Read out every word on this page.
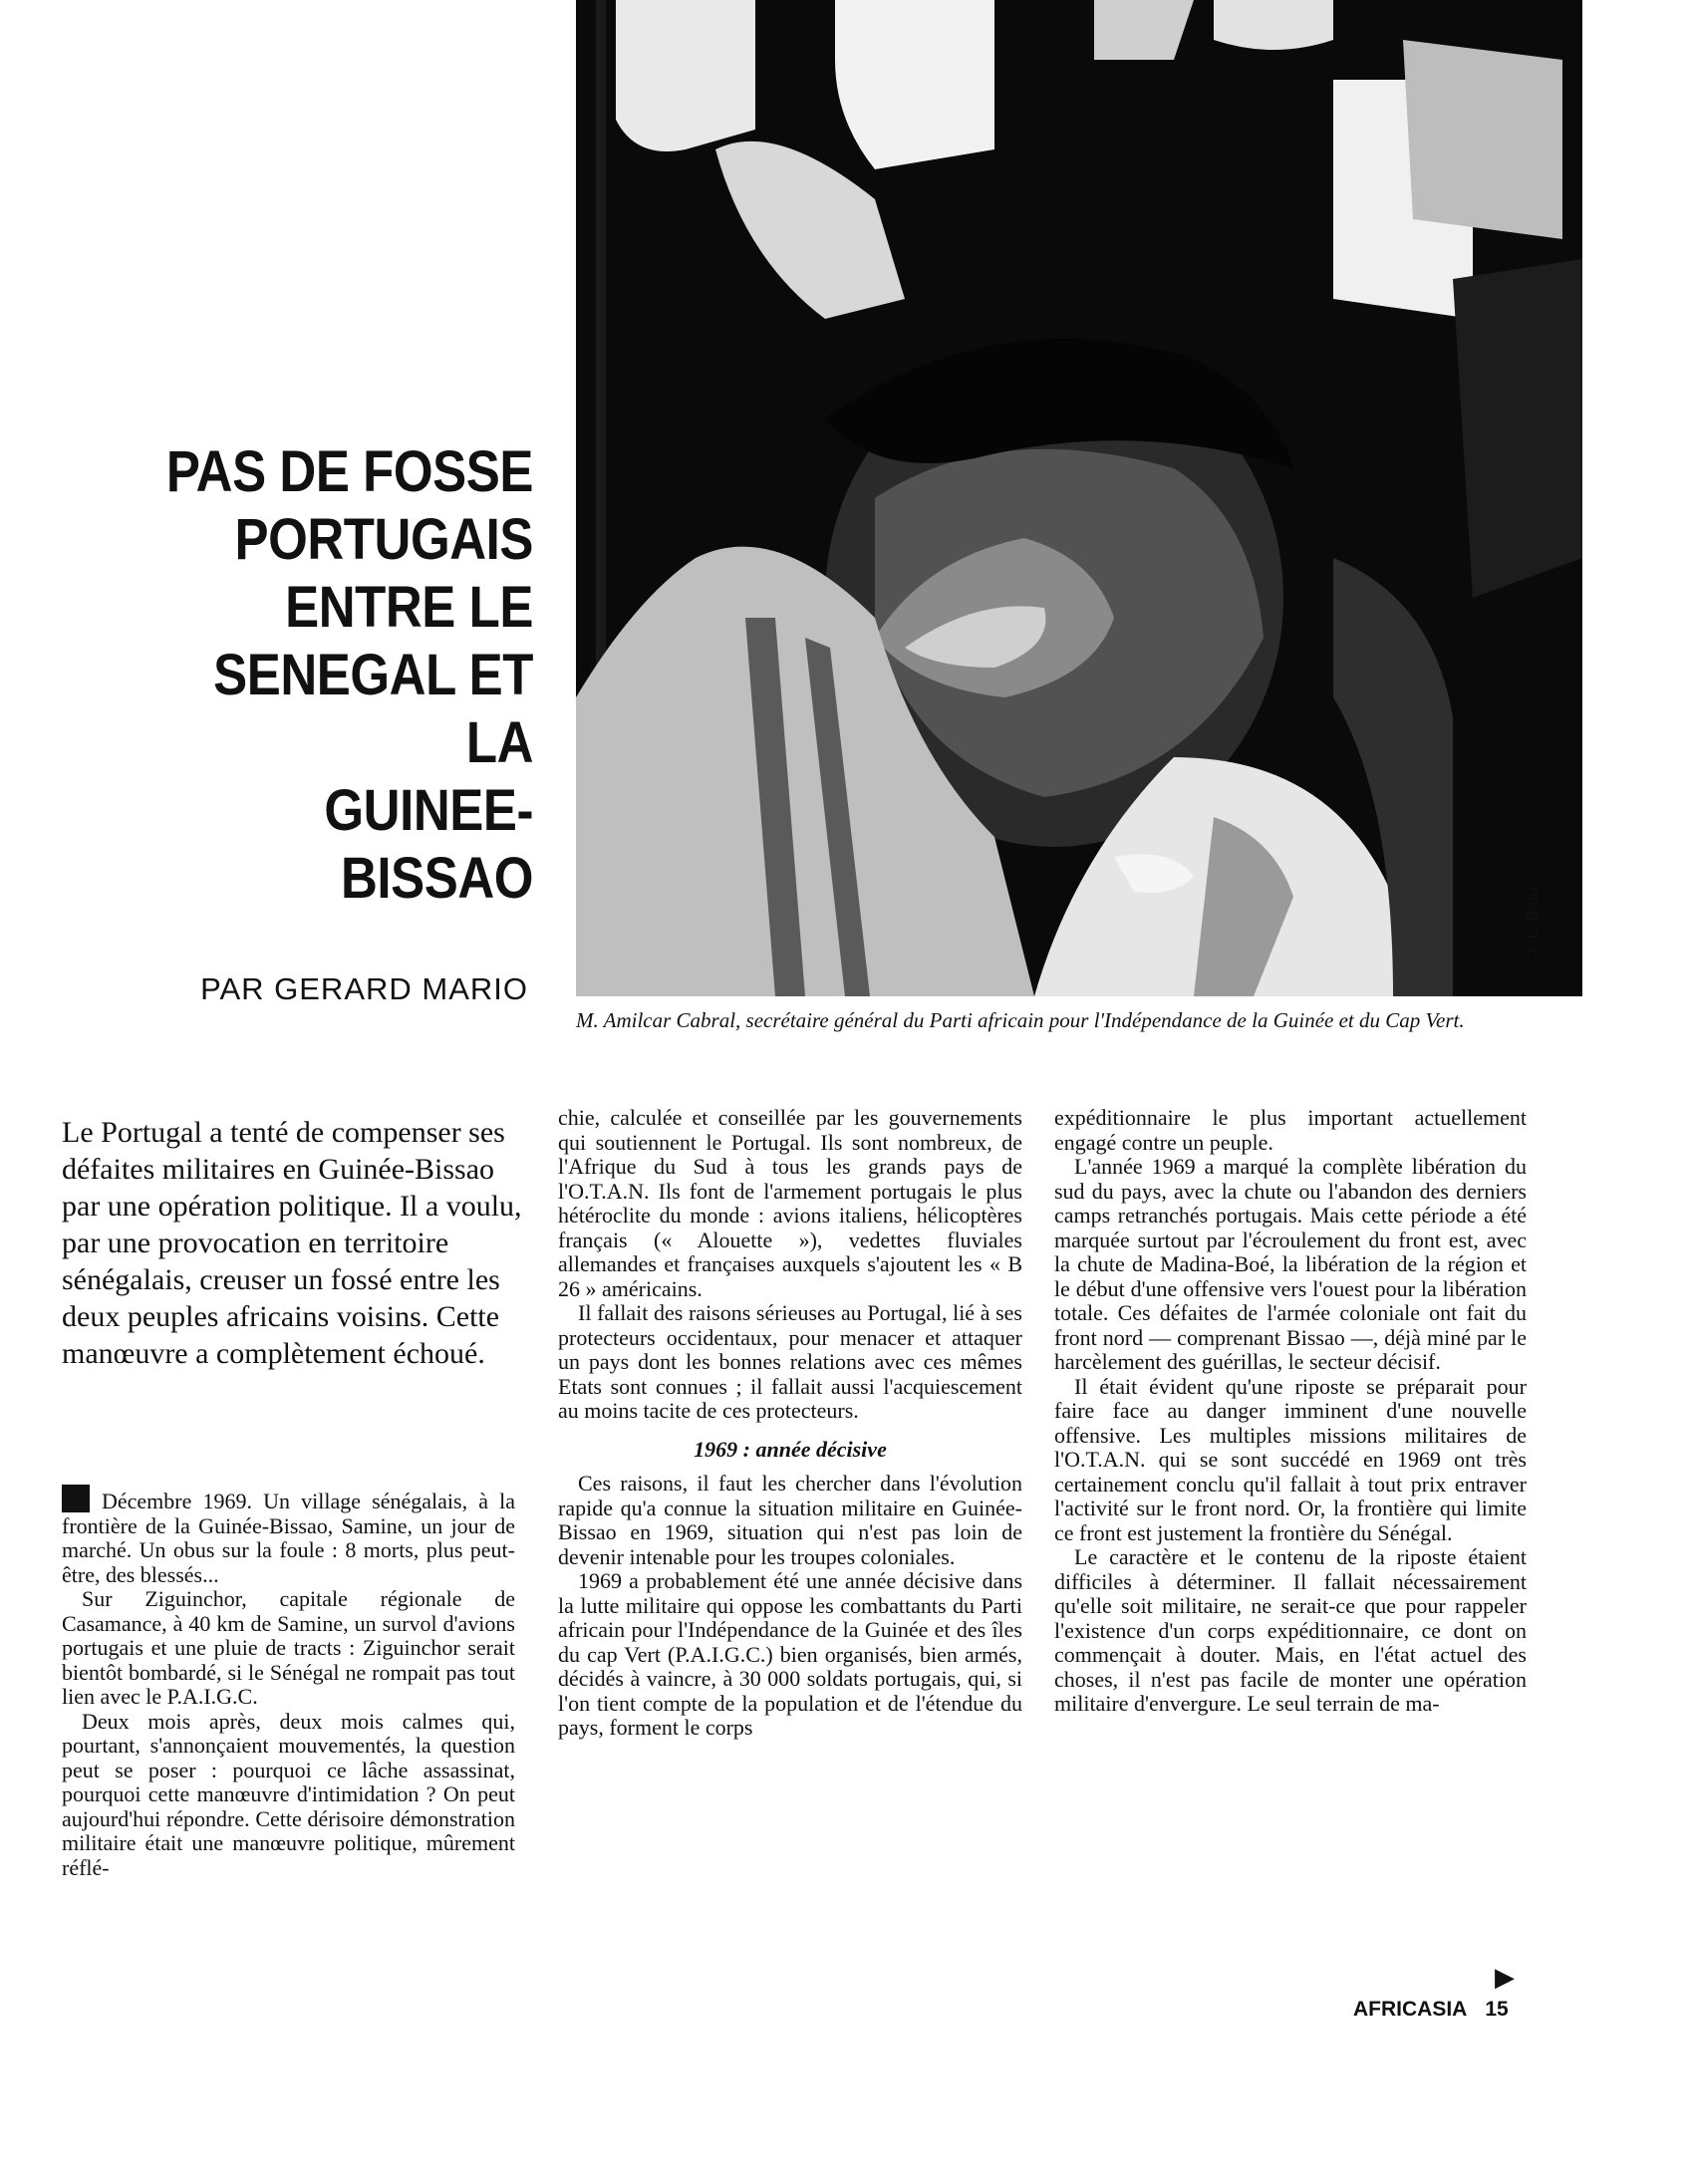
PAS DE FOSSE
PORTUGAIS
ENTRE LE
SENEGAL ET LA
GUINEE-BISSAO
PAR GERARD MARIO
J.-L. Brau
M. Amilcar Cabral, secrétaire général du Parti africain pour l'Indépendance de la Guinée et du Cap Vert.

Le Portugal a tenté de compenser ses défaites militaires en Guinée-Bissao par une opération politique. Il a voulu, par une provocation en territoire sénégalais, creuser un fossé entre les deux peuples africains voisins. Cette manœuvre a complètement échoué.

Décembre 1969. Un village sénégalais, à la frontière de la Guinée-Bissao, Samine, un jour de marché. Un obus sur la foule : 8 morts, plus peut-être, des blessés...

Sur Ziguinchor, capitale régionale de Casamance, à 40 km de Samine, un survol d'avions portugais et une pluie de tracts : Ziguinchor serait bientôt bombardé, si le Sénégal ne rompait pas tout lien avec le P.A.I.G.C.

Deux mois après, deux mois calmes qui, pourtant, s'annonçaient mouvementés, la question peut se poser : pourquoi ce lâche assassinat, pourquoi cette manœuvre d'intimidation ? On peut aujourd'hui répondre. Cette dérisoire démonstration militaire était une manœuvre politique, mûrement réflé-

chie, calculée et conseillée par les gouvernements qui soutiennent le Portugal. Ils sont nombreux, de l'Afrique du Sud à tous les grands pays de l'O.T.A.N. Ils font de l'armement portugais le plus hétéroclite du monde : avions italiens, hélicoptères français (« Alouette »), vedettes fluviales allemandes et françaises auxquels s'ajoutent les « B 26 » américains.

Il fallait des raisons sérieuses au Portugal, lié à ses protecteurs occidentaux, pour menacer et attaquer un pays dont les bonnes relations avec ces mêmes Etats sont connues ; il fallait aussi l'acquiescement au moins tacite de ces protecteurs.

1969 : année décisive

Ces raisons, il faut les chercher dans l'évolution rapide qu'a connue la situation militaire en Guinée-Bissao en 1969, situation qui n'est pas loin de devenir intenable pour les troupes coloniales.

1969 a probablement été une année décisive dans la lutte militaire qui oppose les combattants du Parti africain pour l'Indépendance de la Guinée et des îles du cap Vert (P.A.I.G.C.) bien organisés, bien armés, décidés à vaincre, à 30 000 soldats portugais, qui, si l'on tient compte de la population et de l'étendue du pays, forment le corps

expéditionnaire le plus important actuellement engagé contre un peuple.

L'année 1969 a marqué la complète libération du sud du pays, avec la chute ou l'abandon des derniers camps retranchés portugais. Mais cette période a été marquée surtout par l'écroulement du front est, avec la chute de Madina-Boé, la libération de la région et le début d'une offensive vers l'ouest pour la libération totale. Ces défaites de l'armée coloniale ont fait du front nord — comprenant Bissao —, déjà miné par le harcèlement des guérillas, le secteur décisif.

Il était évident qu'une riposte se préparait pour faire face au danger imminent d'une nouvelle offensive. Les multiples missions militaires de l'O.T.A.N. qui se sont succédé en 1969 ont très certainement conclu qu'il fallait à tout prix entraver l'activité sur le front nord. Or, la frontière qui limite ce front est justement la frontière du Sénégal.

Le caractère et le contenu de la riposte étaient difficiles à déterminer. Il fallait nécessairement qu'elle soit militaire, ne serait-ce que pour rappeler l'existence d'un corps expéditionnaire, ce dont on commençait à douter. Mais, en l'état actuel des choses, il n'est pas facile de monter une opération militaire d'envergure. Le seul terrain de ma-

▶
AFRICASIA 15
